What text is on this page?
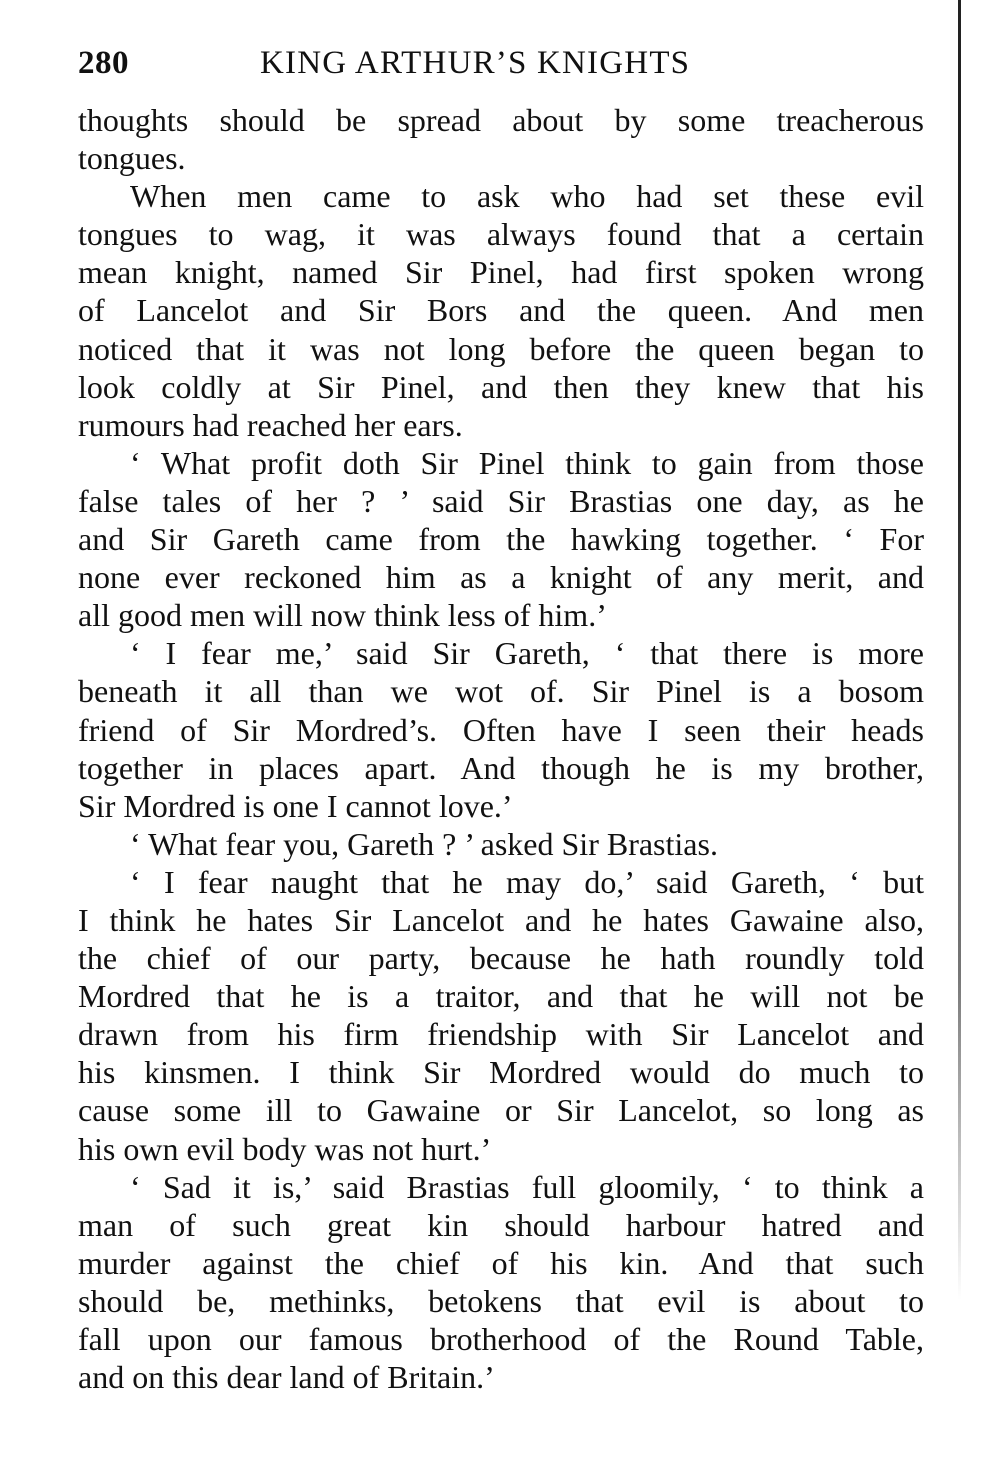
280	KING ARTHUR’S KNIGHTS
thoughts should be spread about by some treacherous
tongues.
When men came to ask who had set these evil
tongues to wag, it was always found that a certain
mean knight, named Sir Pinel, had first spoken wrong
of Lancelot and Sir Bors and the queen. And men
noticed that it was not long before the queen began to
look coldly at Sir Pinel, and then they knew that his
rumours had reached her ears.
‘ What profit doth Sir Pinel think to gain from those
false tales of her ? ’ said Sir Brastias one day, as he
and Sir Gareth came from the hawking together. ‘ For
none ever reckoned him as a knight of any merit, and
all good men will now think less of him.’
‘ I fear me,’ said Sir Gareth, ‘ that there is more
beneath it all than we wot of. Sir Pinel is a bosom
friend of Sir Mordred’s. Often have I seen their heads
together in places apart. And though he is my brother,
Sir Mordred is one I cannot love.’
‘ What fear you, Gareth ? ’ asked Sir Brastias.
‘ I fear naught that he may do,’ said Gareth, ‘ but
I think he hates Sir Lancelot and he hates Gawaine also,
the chief of our party, because he hath roundly told
Mordred that he is a traitor, and that he will not be
drawn from his firm friendship with Sir Lancelot and
his kinsmen. I think Sir Mordred would do much to
cause some ill to Gawaine or Sir Lancelot, so long as
his own evil body was not hurt.’
‘ Sad it is,’ said Brastias full gloomily, ‘ to think a
man of such great kin should harbour hatred and
murder against the chief of his kin. And that such
should be, methinks, betokens that evil is about to
fall upon our famous brotherhood of the Round Table,
and on this dear land of Britain.’
